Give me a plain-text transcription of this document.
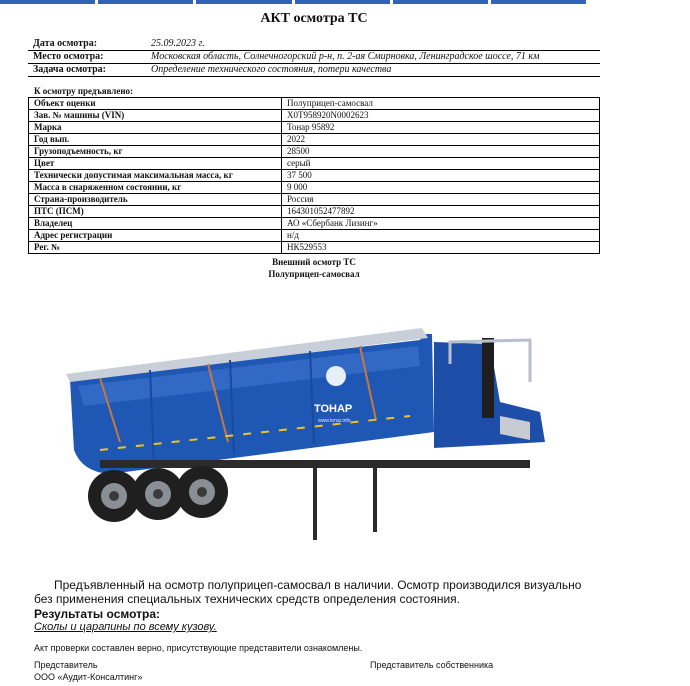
АКТ осмотра ТС
Дата осмотра:	25.09.2023 г.
Место осмотра:	Московская область, Солнечногорский р-н, п. 2-ая Смирновка, Ленинградское шоссе, 71 км
Задача осмотра:	Определение технического состояния, потери качества
К осмотру предъявлено:
Объект оценки	Полуприцеп-самосвал
Зав. № машины (VIN)	X0T958920N0002623
Марка	Тонар 95892
Год вып.	2022
Грузоподъемность, кг	28500
Цвет	серый
Технически допустимая максимальная масса, кг	37 500
Масса в снаряженном состоянии, кг	9 000
Страна-производитель	Россия
ПТС (ПСМ)	164301052477892
Владелец	АО «Сбербанк Лизинг»
Адрес регистрации	н/д
Рег. №	НК529553
Внешний осмотр ТС
Полуприцеп-самосвал
ТОНАР
www.tonar.info
Предъявленный на осмотр полуприцеп-самосвал в наличии. Осмотр производился визуально без применения специальных технических средств определения состояния.
Результаты осмотра:
Сколы и царапины по всему кузову.
Акт проверки составлен верно, присутствующие представители ознакомлены.
Представитель
ООО «Аудит-Консалтинг»
Представитель собственника
